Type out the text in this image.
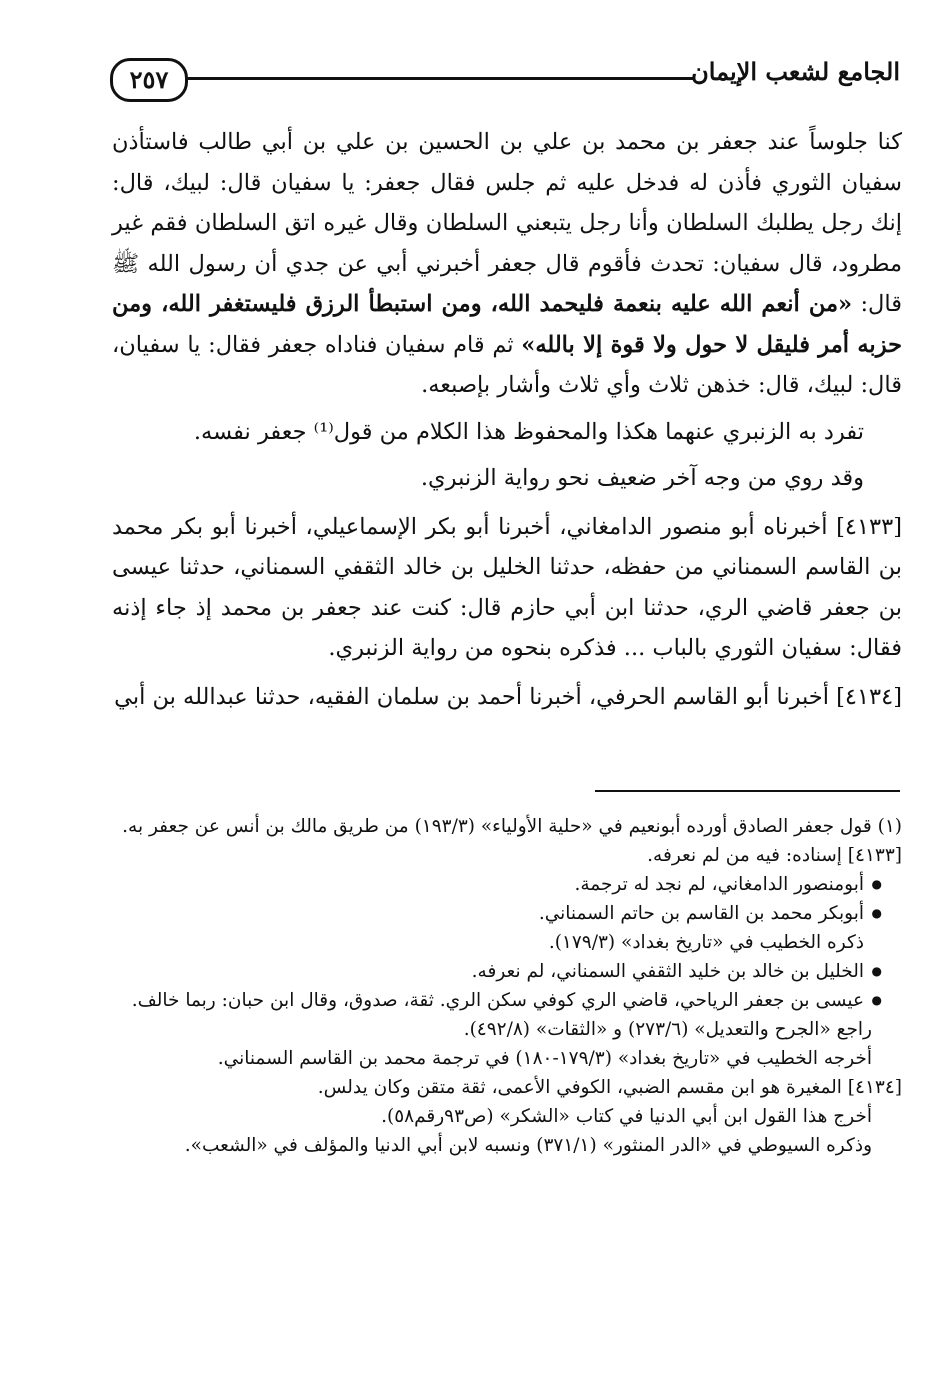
الجامع لشعب الإيمان
٢٥٧

كنا جلوساً عند جعفر بن محمد بن علي بن الحسين بن علي بن أبي طالب فاستأذن سفيان الثوري فأذن له فدخل عليه ثم جلس فقال جعفر: يا سفيان قال: لبيك، قال: إنك رجل يطلبك السلطان وأنا رجل يتبعني السلطان وقال غيره اتق السلطان فقم غير مطرود، قال سفيان: تحدث فأقوم قال جعفر أخبرني أبي عن جدي أن رسول الله ﷺ قال: «من أنعم الله عليه بنعمة فليحمد الله، ومن استبطأ الرزق فليستغفر الله، ومن حزبه أمر فليقل لا حول ولا قوة إلا بالله» ثم قام سفيان فناداه جعفر فقال: يا سفيان، قال: لبيك، قال: خذهن ثلاث وأي ثلاث وأشار بإصبعه.

تفرد به الزنبري عنهما هكذا والمحفوظ هذا الكلام من قول⁽¹⁾ جعفر نفسه.

وقد روي من وجه آخر ضعيف نحو رواية الزنبري.

[٤١٣٣] أخبرناه أبو منصور الدامغاني، أخبرنا أبو بكر الإسماعيلي، أخبرنا أبو بكر محمد بن القاسم السمناني من حفظه، حدثنا الخليل بن خالد الثقفي السمناني، حدثنا عيسى بن جعفر قاضي الري، حدثنا ابن أبي حازم قال: كنت عند جعفر بن محمد إذ جاء إذنه فقال: سفيان الثوري بالباب ... فذكره بنحوه من رواية الزنبري.

[٤١٣٤] أخبرنا أبو القاسم الحرفي، أخبرنا أحمد بن سلمان الفقيه، حدثنا عبدالله بن أبي

(١) قول جعفر الصادق أورده أبونعيم في «حلية الأولياء» (١٩٣/٣) من طريق مالك بن أنس عن جعفر به.

[٤١٣٣] إسناده: فيه من لم نعرفه.

● أبومنصور الدامغاني، لم نجد له ترجمة.

● أبوبكر محمد بن القاسم بن حاتم السمناني.

ذكره الخطيب في «تاريخ بغداد» (١٧٩/٣).

● الخليل بن خالد بن خليد الثقفي السمناني، لم نعرفه.

● عيسى بن جعفر الرياحي، قاضي الري كوفي سكن الري. ثقة، صدوق، وقال ابن حبان: ربما خالف.

راجع «الجرح والتعديل» (٢٧٣/٦) و «الثقات» (٤٩٢/٨).

أخرجه الخطيب في «تاريخ بغداد» (١٧٩/٣-١٨٠) في ترجمة محمد بن القاسم السمناني.

[٤١٣٤] المغيرة هو ابن مقسم الضبي، الكوفي الأعمى، ثقة متقن وكان يدلس.

أخرج هذا القول ابن أبي الدنيا في كتاب «الشكر» (ص٩٣رقم٥٨).

وذكره السيوطي في «الدر المنثور» (٣٧١/١) ونسبه لابن أبي الدنيا والمؤلف في «الشعب».
